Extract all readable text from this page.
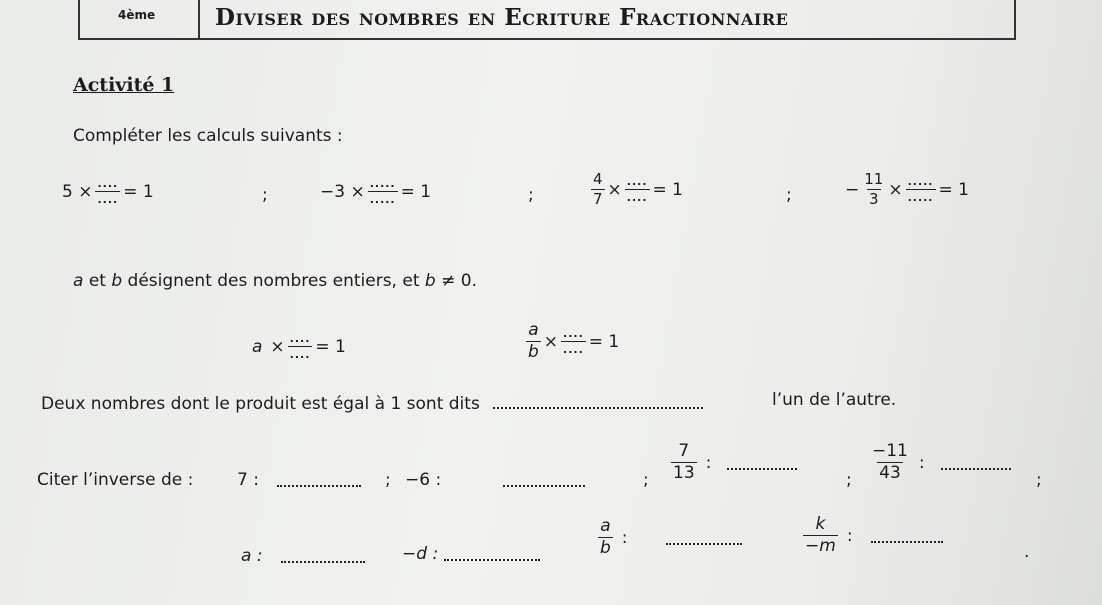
4ème	Diviser des nombres en Ecriture Fractionnaire
Activité 1
Compléter les calculs suivants :
$5 \times \frac{....}{....} = 1$	;	$-3 \times \frac{.....}{.....} = 1$	;	$\frac{4}{7} \times \frac{....}{....} = 1$	;	− $\frac{11}{3} \times \frac{.....}{.....} = 1$
a et b désignent des nombres entiers, et b ≠ 0.
$a \times \frac{....}{....} = 1$	$\frac{a}{b} \times \frac{....}{....} = 1$
Deux nombres dont le produit est égal à 1 sont dits	l’un de l’autre.
Citer l’inverse de :	7 :	; −6 :	; $\frac{7}{13}$ :
; $\frac{-11}{43}$ :
;
a :	−d :	$\frac{a}{b}$ :	$\frac{k}{-m}$ :
.
